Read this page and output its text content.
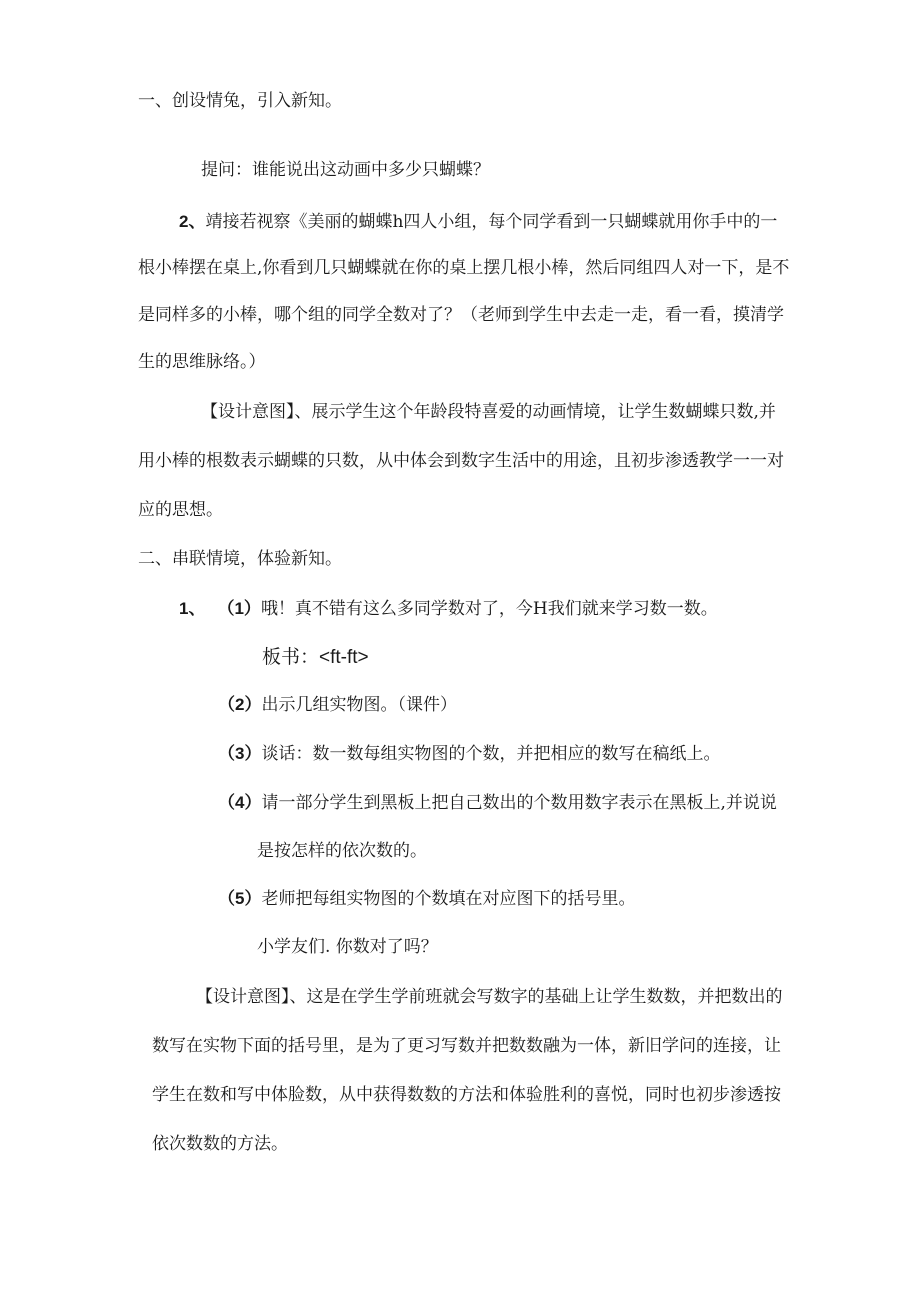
一、创设情兔，引入新知。

提问：谁能说出这动画中多少只蝴蝶？

2、靖接若视察《美丽的蝴蝶h四人小组，每个同学看到一只蝴蝶就用你手中的一

根小棒摆在桌上,你看到几只蝴蝶就在你的桌上摆几根小棒，然后同组四人对一下，是不

是同样多的小棒，哪个组的同学全数对了？（老师到学生中去走一走，看一看，摸清学

生的思维脉络。）

【设计意图】、展示学生这个年龄段特喜爱的动画情境，让学生数蝴蝶只数,并

用小棒的根数表示蝴蝶的只数，从中体会到数字生活中的用途，且初步渗透教学一一对

应的思想。

二、串联情境，体验新知。

1、 （1）哦！真不错有这么多同学数对了，今H我们就来学习数一数。

板书：<ft-ft>

（2）出示几组实物图。（课件）

（3）谈话：数一数每组实物图的个数，并把相应的数写在稿纸上。

（4）请一部分学生到黑板上把自己数出的个数用数字表示在黑板上,并说说

是按怎样的依次数的。

（5）老师把每组实物图的个数填在对应图下的括号里。

小学友们. 你数对了吗？

【设计意图】、这是在学生学前班就会写数字的基础上让学生数数，并把数出的

数写在实物下面的括号里，是为了更习写数并把数数融为一体，新旧学问的连接，让

学生在数和写中体脸数，从中获得数数的方法和体验胜利的喜悦，同时也初步渗透按

依次数数的方法。
